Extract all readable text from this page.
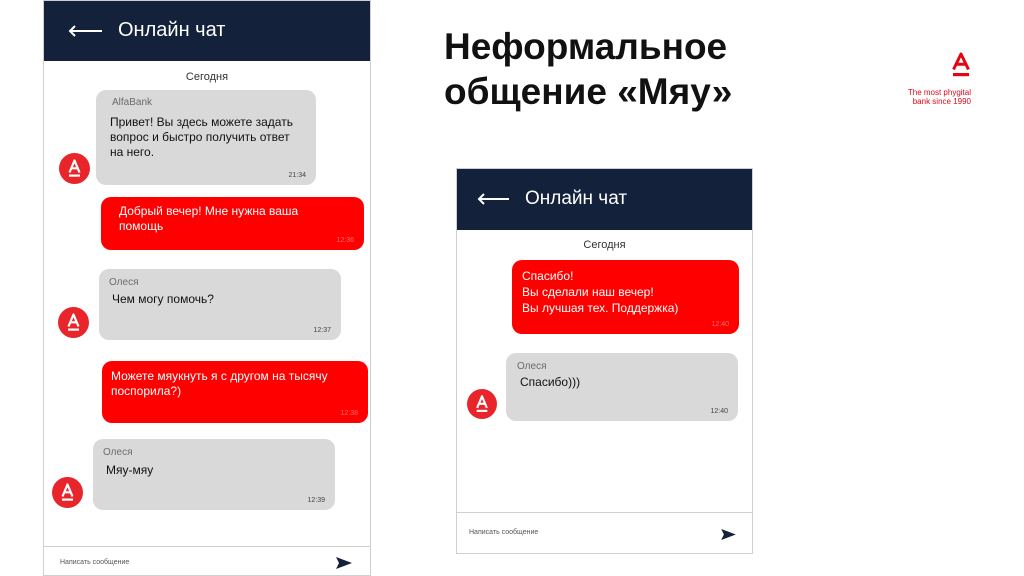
Онлайн чат
Сегодня
AlfaBank
Привет! Вы здесь можете задать
вопрос и быстро получить ответ
на него.
21:34
Добрый вечер! Мне нужна ваша
помощь
12:36
Олеся
Чем могу помочь?
12:37
Можете мяукнуть я с другом на тысячу
поспорила?)
12:38
Олеся
Мяу-мяу
12:39
Написать сообщение
Неформальное
общение «Мяу»	The most phygital
bank since 1990
Онлайн чат
Сегодня
Спасибо!
Вы сделали наш вечер!
Вы лучшая тех. Поддержка)
12:40
Олеся
Спасибо)))
12:40
Написать сообщение
